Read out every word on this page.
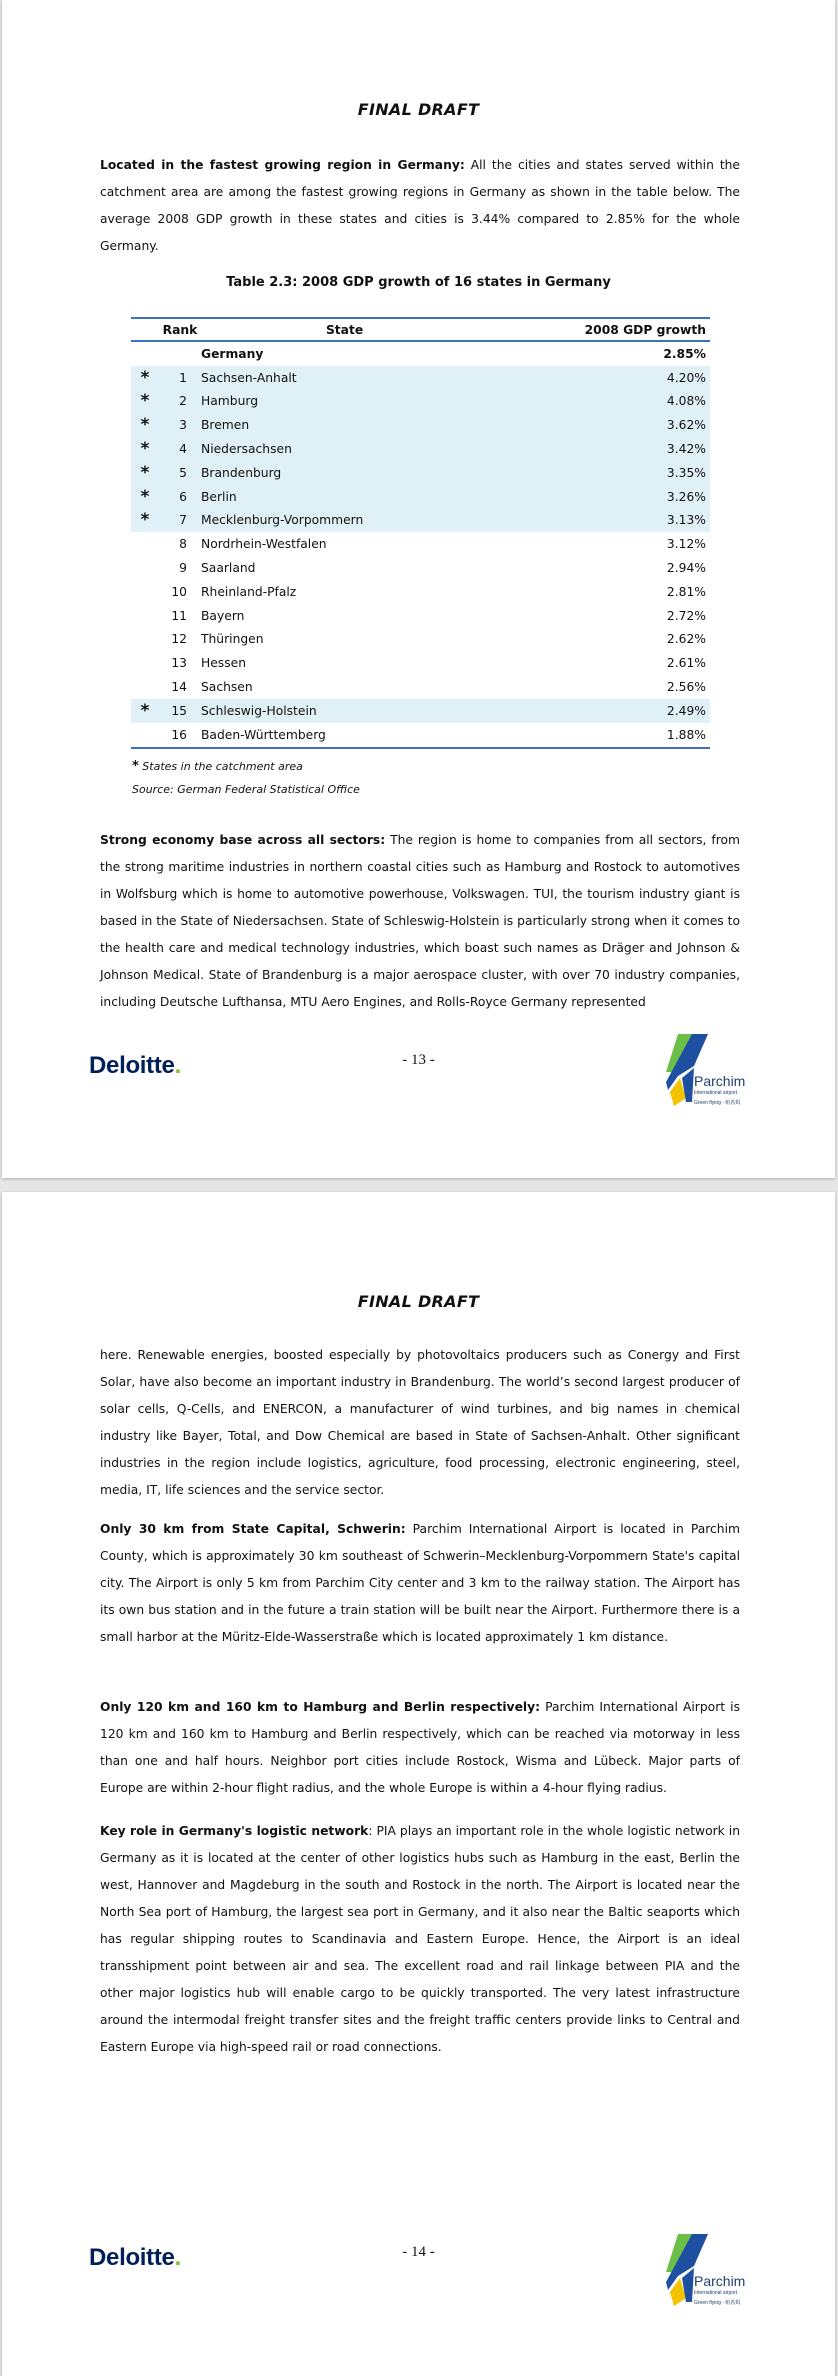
FINAL DRAFT
Located in the fastest growing region in Germany: All the cities and states served within the catchment area are among the fastest growing regions in Germany as shown in the table below. The average 2008 GDP growth in these states and cities is 3.44% compared to 2.85% for the whole Germany.
Table 2.3: 2008 GDP growth of 16 states in Germany
	Rank	State	2008 GDP growth
		Germany	2.85%
*	1	Sachsen-Anhalt	4.20%
*	2	Hamburg	4.08%
*	3	Bremen	3.62%
*	4	Niedersachsen	3.42%
*	5	Brandenburg	3.35%
*	6	Berlin	3.26%
*	7	Mecklenburg-Vorpommern	3.13%
	8	Nordrhein-Westfalen	3.12%
	9	Saarland	2.94%
	10	Rheinland-Pfalz	2.81%
	11	Bayern	2.72%
	12	Thüringen	2.62%
	13	Hessen	2.61%
	14	Sachsen	2.56%
*	15	Schleswig-Holstein	2.49%
	16	Baden-Württemberg	1.88%
* States in the catchment area
Source: German Federal Statistical Office
Strong economy base across all sectors: The region is home to companies from all sectors, from the strong maritime industries in northern coastal cities such as Hamburg and Rostock to automotives in Wolfsburg which is home to automotive powerhouse, Volkswagen. TUI, the tourism industry giant is based in the State of Niedersachsen. State of Schleswig-Holstein is particularly strong when it comes to the health care and medical technology industries, which boast such names as Dräger and Johnson & Johnson Medical. State of Brandenburg is a major aerospace cluster, with over 70 industry companies, including Deutsche Lufthansa, MTU Aero Engines, and Rolls-Royce Germany represented
Deloitte.	- 13 -
Parchim
International airport
Green flying · 帕希姆
FINAL DRAFT
here. Renewable energies, boosted especially by photovoltaics producers such as Conergy and First Solar, have also become an important industry in Brandenburg. The world’s second largest producer of solar cells, Q-Cells, and ENERCON, a manufacturer of wind turbines, and big names in chemical industry like Bayer, Total, and Dow Chemical are based in State of Sachsen-Anhalt. Other significant industries in the region include logistics, agriculture, food processing, electronic engineering, steel, media, IT, life sciences and the service sector.
Only 30 km from State Capital, Schwerin: Parchim International Airport is located in Parchim County, which is approximately 30 km southeast of Schwerin–Mecklenburg-Vorpommern State's capital city. The Airport is only 5 km from Parchim City center and 3 km to the railway station. The Airport has its own bus station and in the future a train station will be built near the Airport. Furthermore there is a small harbor at the Müritz-Elde-Wasserstraße which is located approximately 1 km distance.
Only 120 km and 160 km to Hamburg and Berlin respectively: Parchim International Airport is 120 km and 160 km to Hamburg and Berlin respectively, which can be reached via motorway in less than one and half hours. Neighbor port cities include Rostock, Wisma and Lübeck. Major parts of Europe are within 2-hour flight radius, and the whole Europe is within a 4-hour flying radius.
Key role in Germany's logistic network: PIA plays an important role in the whole logistic network in Germany as it is located at the center of other logistics hubs such as Hamburg in the east, Berlin the west, Hannover and Magdeburg in the south and Rostock in the north. The Airport is located near the North Sea port of Hamburg, the largest sea port in Germany, and it also near the Baltic seaports which has regular shipping routes to Scandinavia and Eastern Europe. Hence, the Airport is an ideal transshipment point between air and sea. The excellent road and rail linkage between PIA and the other major logistics hub will enable cargo to be quickly transported. The very latest infrastructure around the intermodal freight transfer sites and the freight traffic centers provide links to Central and Eastern Europe via high-speed rail or road connections.
Deloitte.	- 14 -
Parchim
International airport
Green flying · 帕希姆
